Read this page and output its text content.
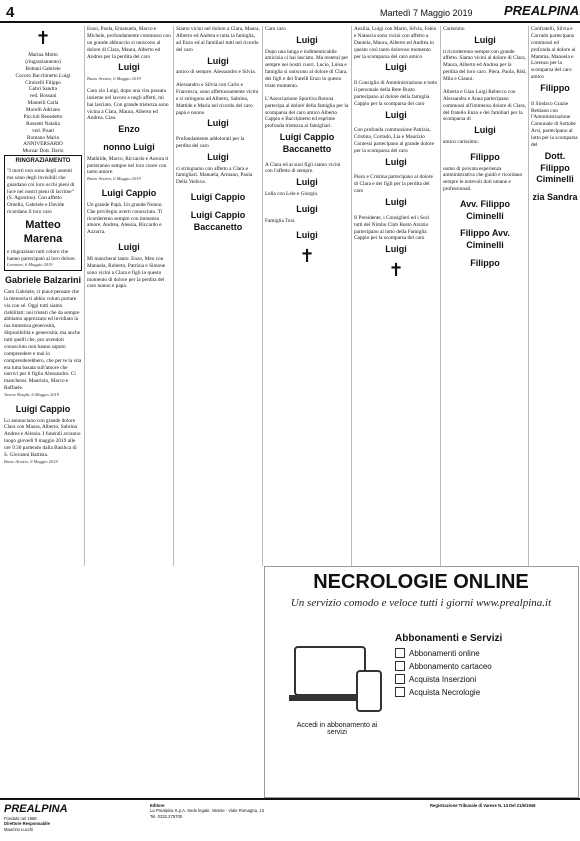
4	Martedì 7 Maggio 2019 PREALPINA
✝
Marina Motto
(ringraziamento)
Bottani Gabriele
Cocoro Bacchinetto Luigi
Cimirelli Filippo
Gabri Sandra
ved. Bossani
Mantelli Carla
Morelli Adriano
Piccioli Benedetto
Rossetti Natalia
ved. Pisati
Romano Maria
ANNIVERSARIO
Murzar Dott. Dario
RINGRAZIAMENTO
"I morti non sono degli assenti ma sono degli invisibili che guardano coi loro occhi pieni di luce nei nostri pieni di lacrime" (S. Agostino). Con affetto Ornella, Gabriele e Davide ricordano il loro caro
Matteo Marena
e ringraziano tutti coloro che hanno partecipato al loro dolore.
Luvinate, 6 Maggio 2019
Gabriele Balzarini
Caro Gabriele, ci piace pensare che la memoria ti abbia voluto portare via con sé. Oggi tutti siamo riabilitati: noi tristeti che da sempre abbiamo apprezzato ed invidiato la tua immensa generosità, disponibilità e generosità, ma anche tutti quelli che, pur avendoti conosciuto non hanno saputo comprendere e mai lo comprenderebbero, che per te la vita era tutta basata sull'amore che nutrivi per il figlio Alessandro. Ci mancherai. Maurizio, Marco e Raffaele.
Varese Borghi, 6 Maggio 2019
Luigi Cappio
Lo annunciano con grande dolore Clara con Maura, Alberto, Sabrina Andrea e Alessia. I funerali avranno luogo giovedì 9 maggio 2019 alle ore 9.30 partendo dalla Basilica di S. Giovanni Battista.
Busto Arsizio, 6 Maggio 2019
Enzo, Paola, Emanuela, Marco e Michele, profondamente commossi con un grande abbraccio si uniscono al dolore di Clara, Maura, Alberto ed Andrea per la perdita del caro
Luigi
Busto Arsizio, 6 Maggio 2019
Caro zio Luigi, dopo una vita passata insieme nel lavoro e negli affetti, mi hai lasciato. Con grande tristezza sono vicina a Clara, Maura, Alberto ed Andrea. Ciao.
Enzo
nonno Luigi
Mathilde, Marco, Riccardo e Aurora ti porteranno sempre nel loro cuore con tanto amore.
Busto Arsizio, 6 Maggio 2019
Luigi Cappio
Un grande Papà. Un grande Nonno. Che privilegio averti conosciuto. Ti ricorderemo sempre con immenso amore. Andrea, Alessia, Riccardo e Azzurra.
Luigi
Mi mancherai tanto. Enzo, Meo con Manuela, Roberto, Patrizia e Simone sono vicini a Clara e figli in questo momento di dolore per la perdita del caro nonno e papà.
Siamo vicini nel dolore a Clara, Maura, Alberto ed Andrea e tutta la famiglia, ad Enzo ed al familiari tutti nel ricordo del caro
Luigi
amico di sempre. Alessandro e Silvia.
Alessandro e Silvia con Carlo e Francesca, sono affettuosamente vicini e si stringono ad Alberto, Sabrina, Mattide e Maria nel ricordo del caro papà e nonno
Luigi
Profondamente addolorati per la perdita del caro
Luigi
ci stringiamo con affetto a Clara e famigliari. Manuela, Armano, Paola Della Vedova.
Luigi Cappio
Luigi Cappio Baccanetto
Caro caro
Luigi
Dopo una lunga e indimenticabile amicizia ci hai lasciato. Ma resterai per sempre nei nostri cuori. Lucio, Luisa e famiglia si uniscono al dolore di Clara, dei figli e dei fratelli Enzo in questo triste momento.
L'Associazione Sportiva Rotona partecipa al dolore della famiglia per la scomparsa del caro amico Alberto Cappio e Bacchinetto ed esprime profonda tristezza ai famigliari.
Luigi Cappio Baccanetto
A Clara ed ai suoi figli siamo vicini con l'affetto di sempre.
Luigi
Lella con Lele e Giorgio.
Luigi
Famiglia Tosi.
Luigi
✝
Ausilia, Luigi con Mario, Silvia, Fabio e Natascia sono vicini con affetto a Daniela, Maura, Alberto ed Andrea in questo così tanto doloroso momento per la scomparsa del caro amico
Luigi
Il Consiglio di Amministrazione e tutto il personale della Rete Busto partecipano al dolore della famiglia Cappio per la scomparsa del caro
Luigi
Con profonda commozione Patrizia, Cristina, Corrado, Lia e Maurizio Contessi partecipano al grande dolore per la scomparsa del caro
Luigi
Piero e Cristina partecipano al dolore di Clara e dei figli per la perdita del caro
Luigi
Il Presidente, i Consiglieri ed i Soci tutti del Nimbu Club Busto Arsizio partecipano al lutto della Famiglia Cappio per la scomparsa del caro
Luigi
✝
Carissimo
Luigi
ti ricorderemo sempre con grande affetto. Siamo vicini al dolore di Clara, Maura, Alberto ed Andrea per la perdita del loro caro. Piera, Paola, Rikì, Mila e Gianni.
Alberta e Gian Luigi Rebecco con Alessandra e Anna partecipano commossi all'immenso dolore di Clara, del fratello Enzo e dei familiari per la scomparsa di
Luigi
amico carissimo.
Filippo
uomo di provata esperienza amministrativa che guidò e ricordano sempre le notevoli doti umane e professionali.
Avv. Filippo Ciminelli
Filippo Avv. Ciminelli
Filippo
Confratelli, Silvia e Corrado partecipano commossi ed profonda ai dolore ai Mamma, Manuela e Lorenzo per la scomparsa del caro amico
Filippo
Il Sindaco Grazie Bettiaon con l'Amministrazione Comunale di Sottobe Arsi, partecipano al lutto per la scomparsa del
Dott. Filippo Ciminelli
zia Sandra
NECROLOGIE ONLINE
Un servizio comodo e veloce tutti i giorni www.prealpina.it
Accedi in abbonamento ai servizi
Abbonamenti e Servizi
Abbonamenti online
Abbonamento cartaceo
Acquista Inserzioni
Acquista Necrologie
PREALPINA
Fondato nel 1888
Direttore Responsabile
Maurizio Lucchi
Editore
La Prealpina S.p.A. Sede legale: Varese - Viale Romagna, 13
Tel. 0332.275700
Registrazione Tribunale di Varese N. 14 Del 21/6/1949
